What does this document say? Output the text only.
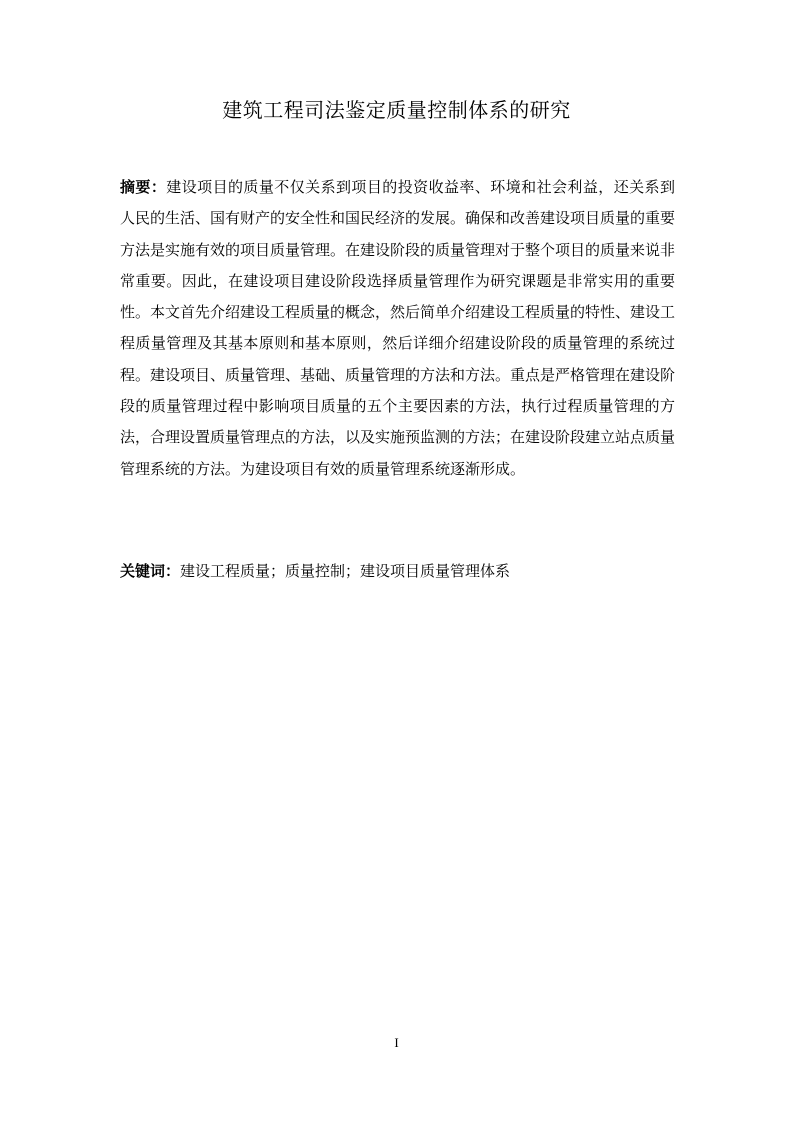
建筑工程司法鉴定质量控制体系的研究
摘要：建设项目的质量不仅关系到项目的投资收益率、环境和社会利益，还关系到人民的生活、国有财产的安全性和国民经济的发展。确保和改善建设项目质量的重要方法是实施有效的项目质量管理。在建设阶段的质量管理对于整个项目的质量来说非常重要。因此，在建设项目建设阶段选择质量管理作为研究课题是非常实用的重要性。本文首先介绍建设工程质量的概念，然后简单介绍建设工程质量的特性、建设工程质量管理及其基本原则和基本原则，然后详细介绍建设阶段的质量管理的系统过程。建设项目、质量管理、基础、质量管理的方法和方法。重点是严格管理在建设阶段的质量管理过程中影响项目质量的五个主要因素的方法，执行过程质量管理的方法，合理设置质量管理点的方法，以及实施预监测的方法；在建设阶段建立站点质量管理系统的方法。为建设项目有效的质量管理系统逐渐形成。
关键词：建设工程质量；质量控制；建设项目质量管理体系
I
